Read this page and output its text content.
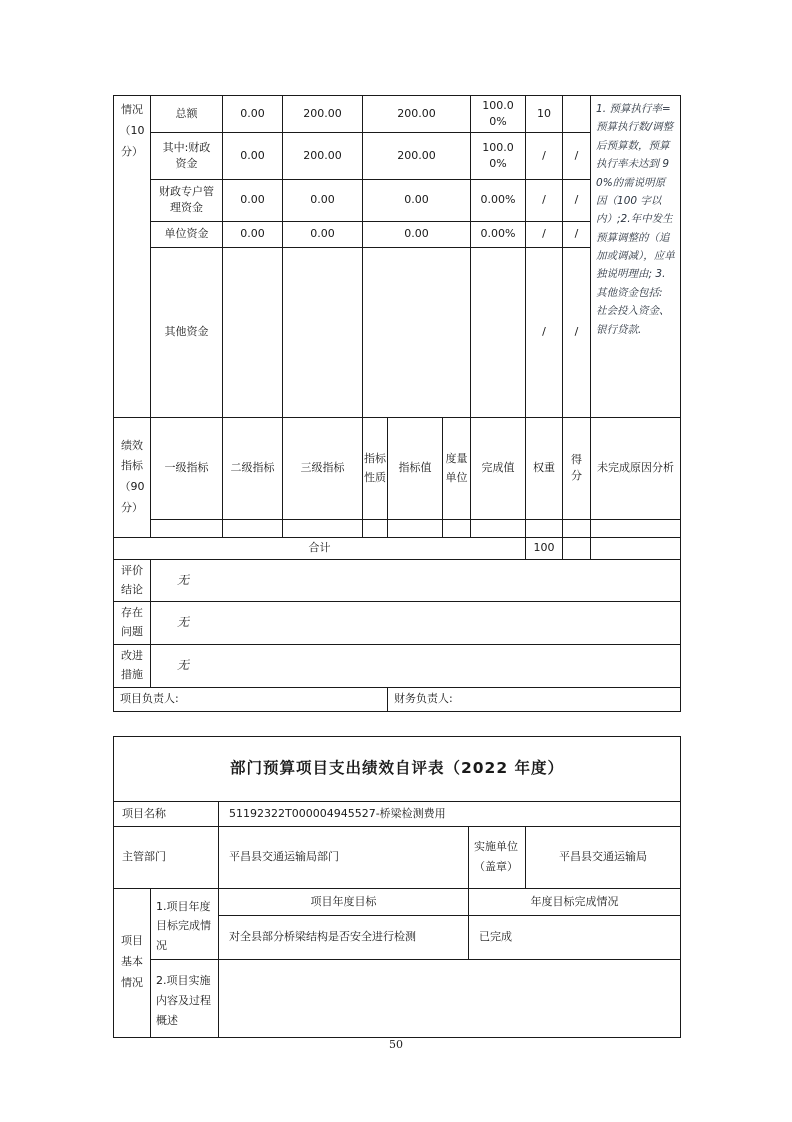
情况（10 分）	总额	0.00	200.00	200.00			100.00%	10		1. 预算执行率=预算执行数/调整后预算数，预算执行率未达到 90%的需说明原因（100 字以内）;2.年中发生预算调整的（追加或调减），应单独说明理由; 3.其他资金包括: 社会投入资金、银行贷款.
	其中:财政资金	0.00	200.00	200.00			100.00%	/	/	
	财政专户管理资金	0.00	0.00	0.00			0.00%	/	/	
	单位资金	0.00	0.00	0.00			0.00%	/	/	
	其他资金							/	/	
绩效指标（90 分）	一级指标	二级指标	三级指标	指标性质	指标值	度量单位	完成值	权重	得分	未完成原因分析

合计								100		
评价结论	无									
存在问题	无									
改进措施	无									
项目负责人:					财务负责人:					
部门预算项目支出绩效自评表（2022 年度）				
项目名称		51192322T000004945527-桥梁检测费用		
主管部门		平昌县交通运输局部门	实施单位（盖章）	平昌县交通运输局
项目基本情况	1.项目年度目标完成情况	项目年度目标	年度目标完成情况	
		对全县部分桥梁结构是否安全进行检测	已完成	
	2.项目实施内容及过程概述			
50
